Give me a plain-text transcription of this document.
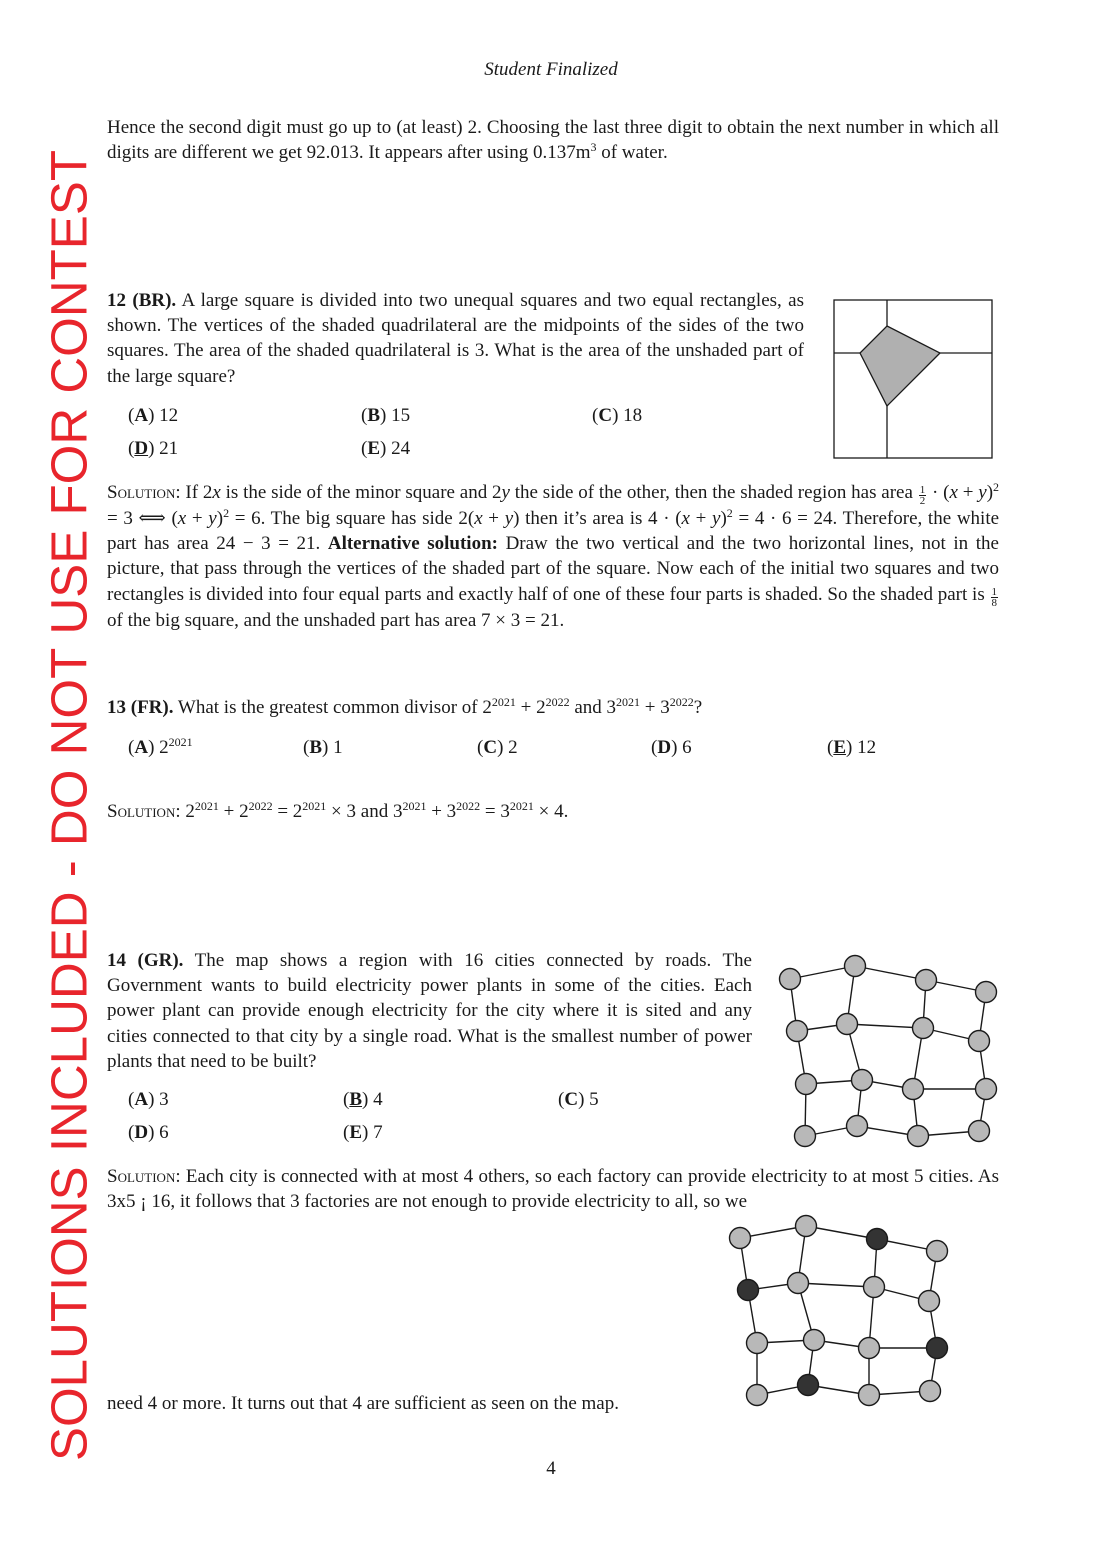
SOLUTIONS INCLUDED - DO NOT USE FOR CONTEST
Student Finalized
Hence the second digit must go up to (at least) 2. Choosing the last three digit to obtain the next number in which all digits are different we get 92.013. It appears after using $0.137m^3$ of water.
12 (BR). A large square is divided into two unequal squares and two equal rectangles, as shown. The vertices of the shaded quadrilateral are the midpoints of the sides of the two squares. The area of the shaded quadrilateral is 3. What is the area of the unshaded part of the large square?
(A) 12	(B) 15	(C) 18
(D) 21	(E) 24
Solution: If 2x is the side of the minor square and 2y the side of the other, then the shaded region has area $\frac{1}{2} \cdot (x + y)^2 = 3$ ⟺ $(x + y)^2 = 6$. The big square has side 2(x + y) then it’s area is $4 \cdot (x + y)^2 = 4 \cdot 6 = 24$. Therefore, the white part has area 24 − 3 = 21. Alternative solution: Draw the two vertical and the two horizontal lines, not in the picture, that pass through the vertices of the shaded part of the square. Now each of the initial two squares and two rectangles is divided into four equal parts and exactly half of one of these four parts is shaded. So the shaded part is $\frac{1}{8}$
of the big square, and the unshaded part has area 7 × 3 = 21.
13 (FR). What is the greatest common divisor of $2^{2021} + 2^{2022}$ and $3^{2021} + 3^{2022}$?
(A) $2^{2021}$	(B) 1	(C) 2	(D) 6	(E) 12
Solution: $2^{2021} + 2^{2022} = 2^{2021} \times 3$ and $3^{2021} + 3^{2022} = 3^{2021} \times 4$.
14 (GR). The map shows a region with 16 cities connected by roads. The Government wants to build electricity power plants in some of the cities. Each power plant can provide enough electricity for the city where it is sited and any cities connected to that city by a single road. What is the smallest number of power plants that need to be built?
(A) 3	(B) 4	(C) 5
(D) 6	(E) 7
Solution: Each city is connected with at most 4 others, so each factory can provide electricity to at most 5 cities. As 3x5 ¡ 16, it follows that 3 factories are not enough to provide electricity to all, so we
need 4 or more. It turns out that 4 are sufficient as seen on the map.
4
